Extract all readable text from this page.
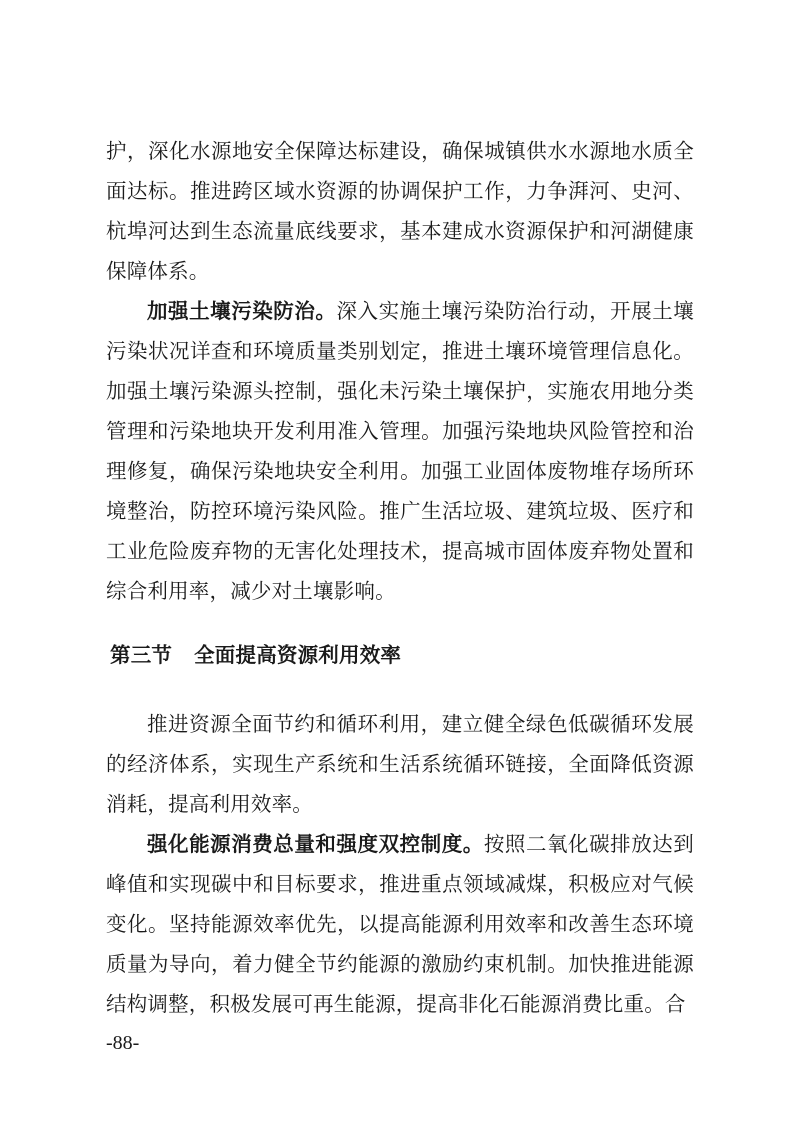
护，深化水源地安全保障达标建设，确保城镇供水水源地水质全面达标。推进跨区域水资源的协调保护工作，力争湃河、史河、杭埠河达到生态流量底线要求，基本建成水资源保护和河湖健康保障体系。

加强土壤污染防治。深入实施土壤污染防治行动，开展土壤污染状况详查和环境质量类别划定，推进土壤环境管理信息化。加强土壤污染源头控制，强化未污染土壤保护，实施农用地分类管理和污染地块开发利用准入管理。加强污染地块风险管控和治理修复，确保污染地块安全利用。加强工业固体废物堆存场所环境整治，防控环境污染风险。推广生活垃圾、建筑垃圾、医疗和工业危险废弃物的无害化处理技术，提高城市固体废弃物处置和综合利用率，减少对土壤影响。

第三节 全面提高资源利用效率

推进资源全面节约和循环利用，建立健全绿色低碳循环发展的经济体系，实现生产系统和生活系统循环链接，全面降低资源消耗，提高利用效率。

强化能源消费总量和强度双控制度。按照二氧化碳排放达到峰值和实现碳中和目标要求，推进重点领域减煤，积极应对气候变化。坚持能源效率优先，以提高能源利用效率和改善生态环境质量为导向，着力健全节约能源的激励约束机制。加快推进能源结构调整，积极发展可再生能源，提高非化石能源消费比重。合

-88-
